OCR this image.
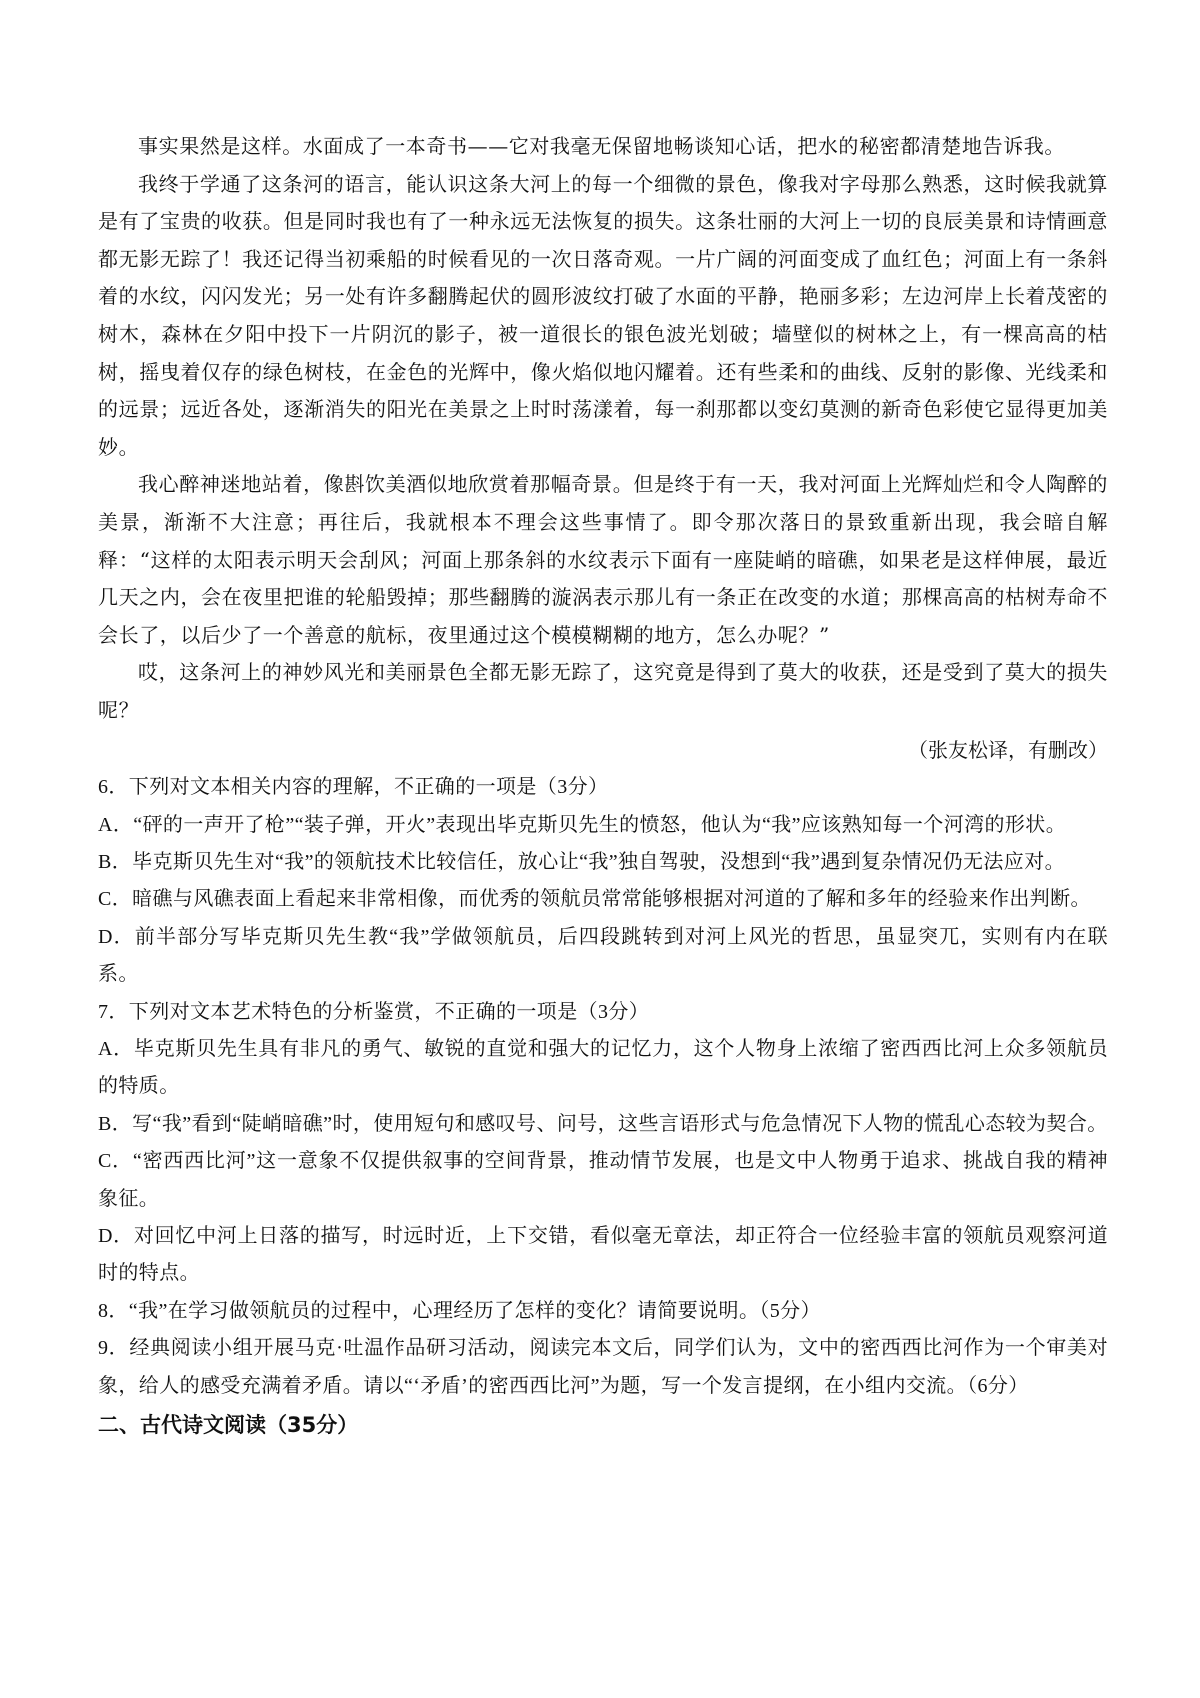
事实果然是这样。水面成了一本奇书——它对我毫无保留地畅谈知心话，把水的秘密都清楚地告诉我。

我终于学通了这条河的语言，能认识这条大河上的每一个细微的景色，像我对字母那么熟悉，这时候我就算是有了宝贵的收获。但是同时我也有了一种永远无法恢复的损失。这条壮丽的大河上一切的良辰美景和诗情画意都无影无踪了！我还记得当初乘船的时候看见的一次日落奇观。一片广阔的河面变成了血红色；河面上有一条斜着的水纹，闪闪发光；另一处有许多翻腾起伏的圆形波纹打破了水面的平静，艳丽多彩；左边河岸上长着茂密的树木，森林在夕阳中投下一片阴沉的影子，被一道很长的银色波光划破；墙壁似的树林之上，有一棵高高的枯树，摇曳着仅存的绿色树枝，在金色的光辉中，像火焰似地闪耀着。还有些柔和的曲线、反射的影像、光线柔和的远景；远近各处，逐渐消失的阳光在美景之上时时荡漾着，每一刹那都以变幻莫测的新奇色彩使它显得更加美妙。

我心醉神迷地站着，像斟饮美酒似地欣赏着那幅奇景。但是终于有一天，我对河面上光辉灿烂和令人陶醉的美景，渐渐不大注意；再往后，我就根本不理会这些事情了。即令那次落日的景致重新出现，我会暗自解释：“这样的太阳表示明天会刮风；河面上那条斜的水纹表示下面有一座陡峭的暗礁，如果老是这样伸展，最近几天之内，会在夜里把谁的轮船毁掉；那些翻腾的漩涡表示那儿有一条正在改变的水道；那棵高高的枯树寿命不会长了，以后少了一个善意的航标，夜里通过这个模模糊糊的地方，怎么办呢？”

哎，这条河上的神妙风光和美丽景色全都无影无踪了，这究竟是得到了莫大的收获，还是受到了莫大的损失呢？

（张友松译，有删改）

6．下列对文本相关内容的理解，不正确的一项是（3分）

A．“砰的一声开了枪”“装子弹，开火”表现出毕克斯贝先生的愤怒，他认为“我”应该熟知每一个河湾的形状。

B．毕克斯贝先生对“我”的领航技术比较信任，放心让“我”独自驾驶，没想到“我”遇到复杂情况仍无法应对。

C．暗礁与风礁表面上看起来非常相像，而优秀的领航员常常能够根据对河道的了解和多年的经验来作出判断。

D．前半部分写毕克斯贝先生教“我”学做领航员，后四段跳转到对河上风光的哲思，虽显突兀，实则有内在联系。

7．下列对文本艺术特色的分析鉴赏，不正确的一项是（3分）

A．毕克斯贝先生具有非凡的勇气、敏锐的直觉和强大的记忆力，这个人物身上浓缩了密西西比河上众多领航员的特质。

B．写“我”看到“陡峭暗礁”时，使用短句和感叹号、问号，这些言语形式与危急情况下人物的慌乱心态较为契合。

C．“密西西比河”这一意象不仅提供叙事的空间背景，推动情节发展，也是文中人物勇于追求、挑战自我的精神象征。

D．对回忆中河上日落的描写，时远时近，上下交错，看似毫无章法，却正符合一位经验丰富的领航员观察河道时的特点。

8．“我”在学习做领航员的过程中，心理经历了怎样的变化？请简要说明。（5分）

9．经典阅读小组开展马克·吐温作品研习活动，阅读完本文后，同学们认为，文中的密西西比河作为一个审美对象，给人的感受充满着矛盾。请以“‘矛盾’的密西西比河”为题，写一个发言提纲，在小组内交流。（6分）

二、古代诗文阅读（35分）
